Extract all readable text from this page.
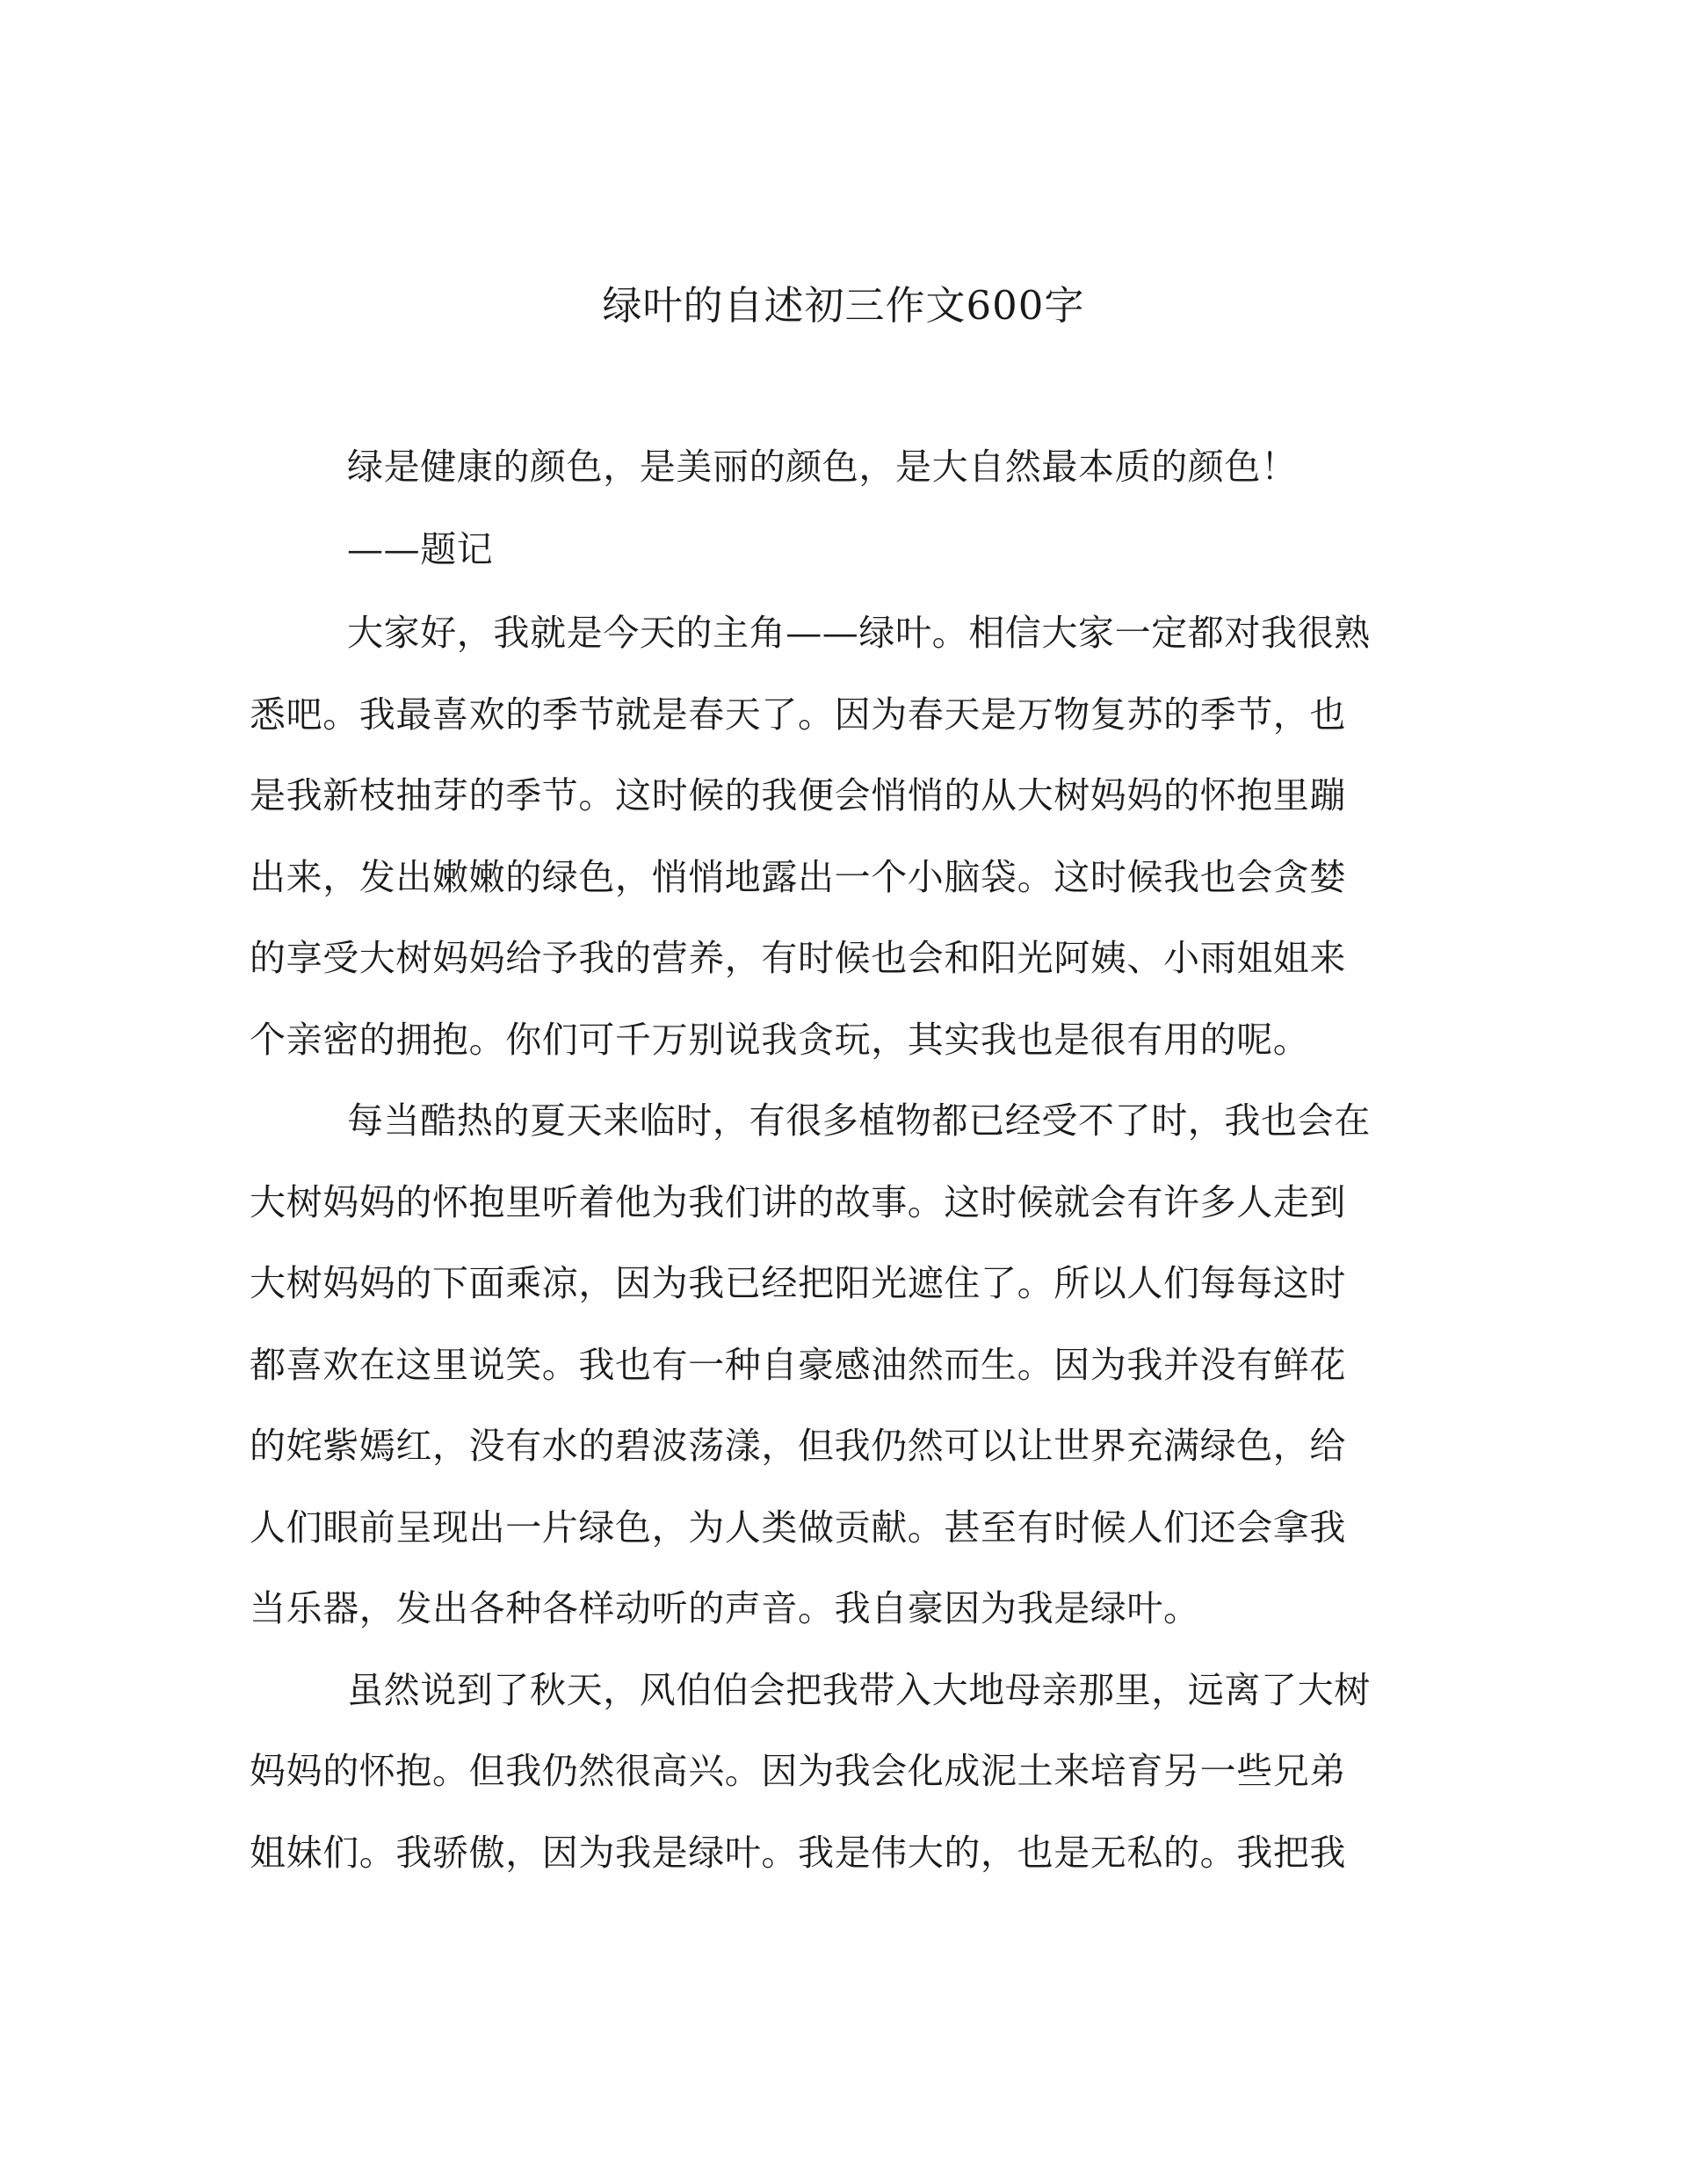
绿叶的自述初三作文600字
绿是健康的颜色，是美丽的颜色，是大自然最本质的颜色！
——题记
大家好，我就是今天的主角——绿叶。相信大家一定都对我很熟
悉吧。我最喜欢的季节就是春天了。因为春天是万物复苏的季节，也
是我新枝抽芽的季节。这时候的我便会悄悄的从大树妈妈的怀抱里蹦
出来，发出嫩嫩的绿色，悄悄地露出一个小脑袋。这时候我也会贪婪
的享受大树妈妈给予我的营养，有时候也会和阳光阿姨、小雨姐姐来
个亲密的拥抱。你们可千万别说我贪玩，其实我也是很有用的呢。
每当酷热的夏天来临时，有很多植物都已经受不了时，我也会在
大树妈妈的怀抱里听着他为我们讲的故事。这时候就会有许多人走到
大树妈妈的下面乘凉，因为我已经把阳光遮住了。所以人们每每这时
都喜欢在这里说笑。我也有一种自豪感油然而生。因为我并没有鲜花
的姹紫嫣红，没有水的碧波荡漾，但我仍然可以让世界充满绿色，给
人们眼前呈现出一片绿色，为人类做贡献。甚至有时候人们还会拿我
当乐器，发出各种各样动听的声音。我自豪因为我是绿叶。
虽然说到了秋天，风伯伯会把我带入大地母亲那里，远离了大树
妈妈的怀抱。但我仍然很高兴。因为我会化成泥土来培育另一些兄弟
姐妹们。我骄傲，因为我是绿叶。我是伟大的，也是无私的。我把我
